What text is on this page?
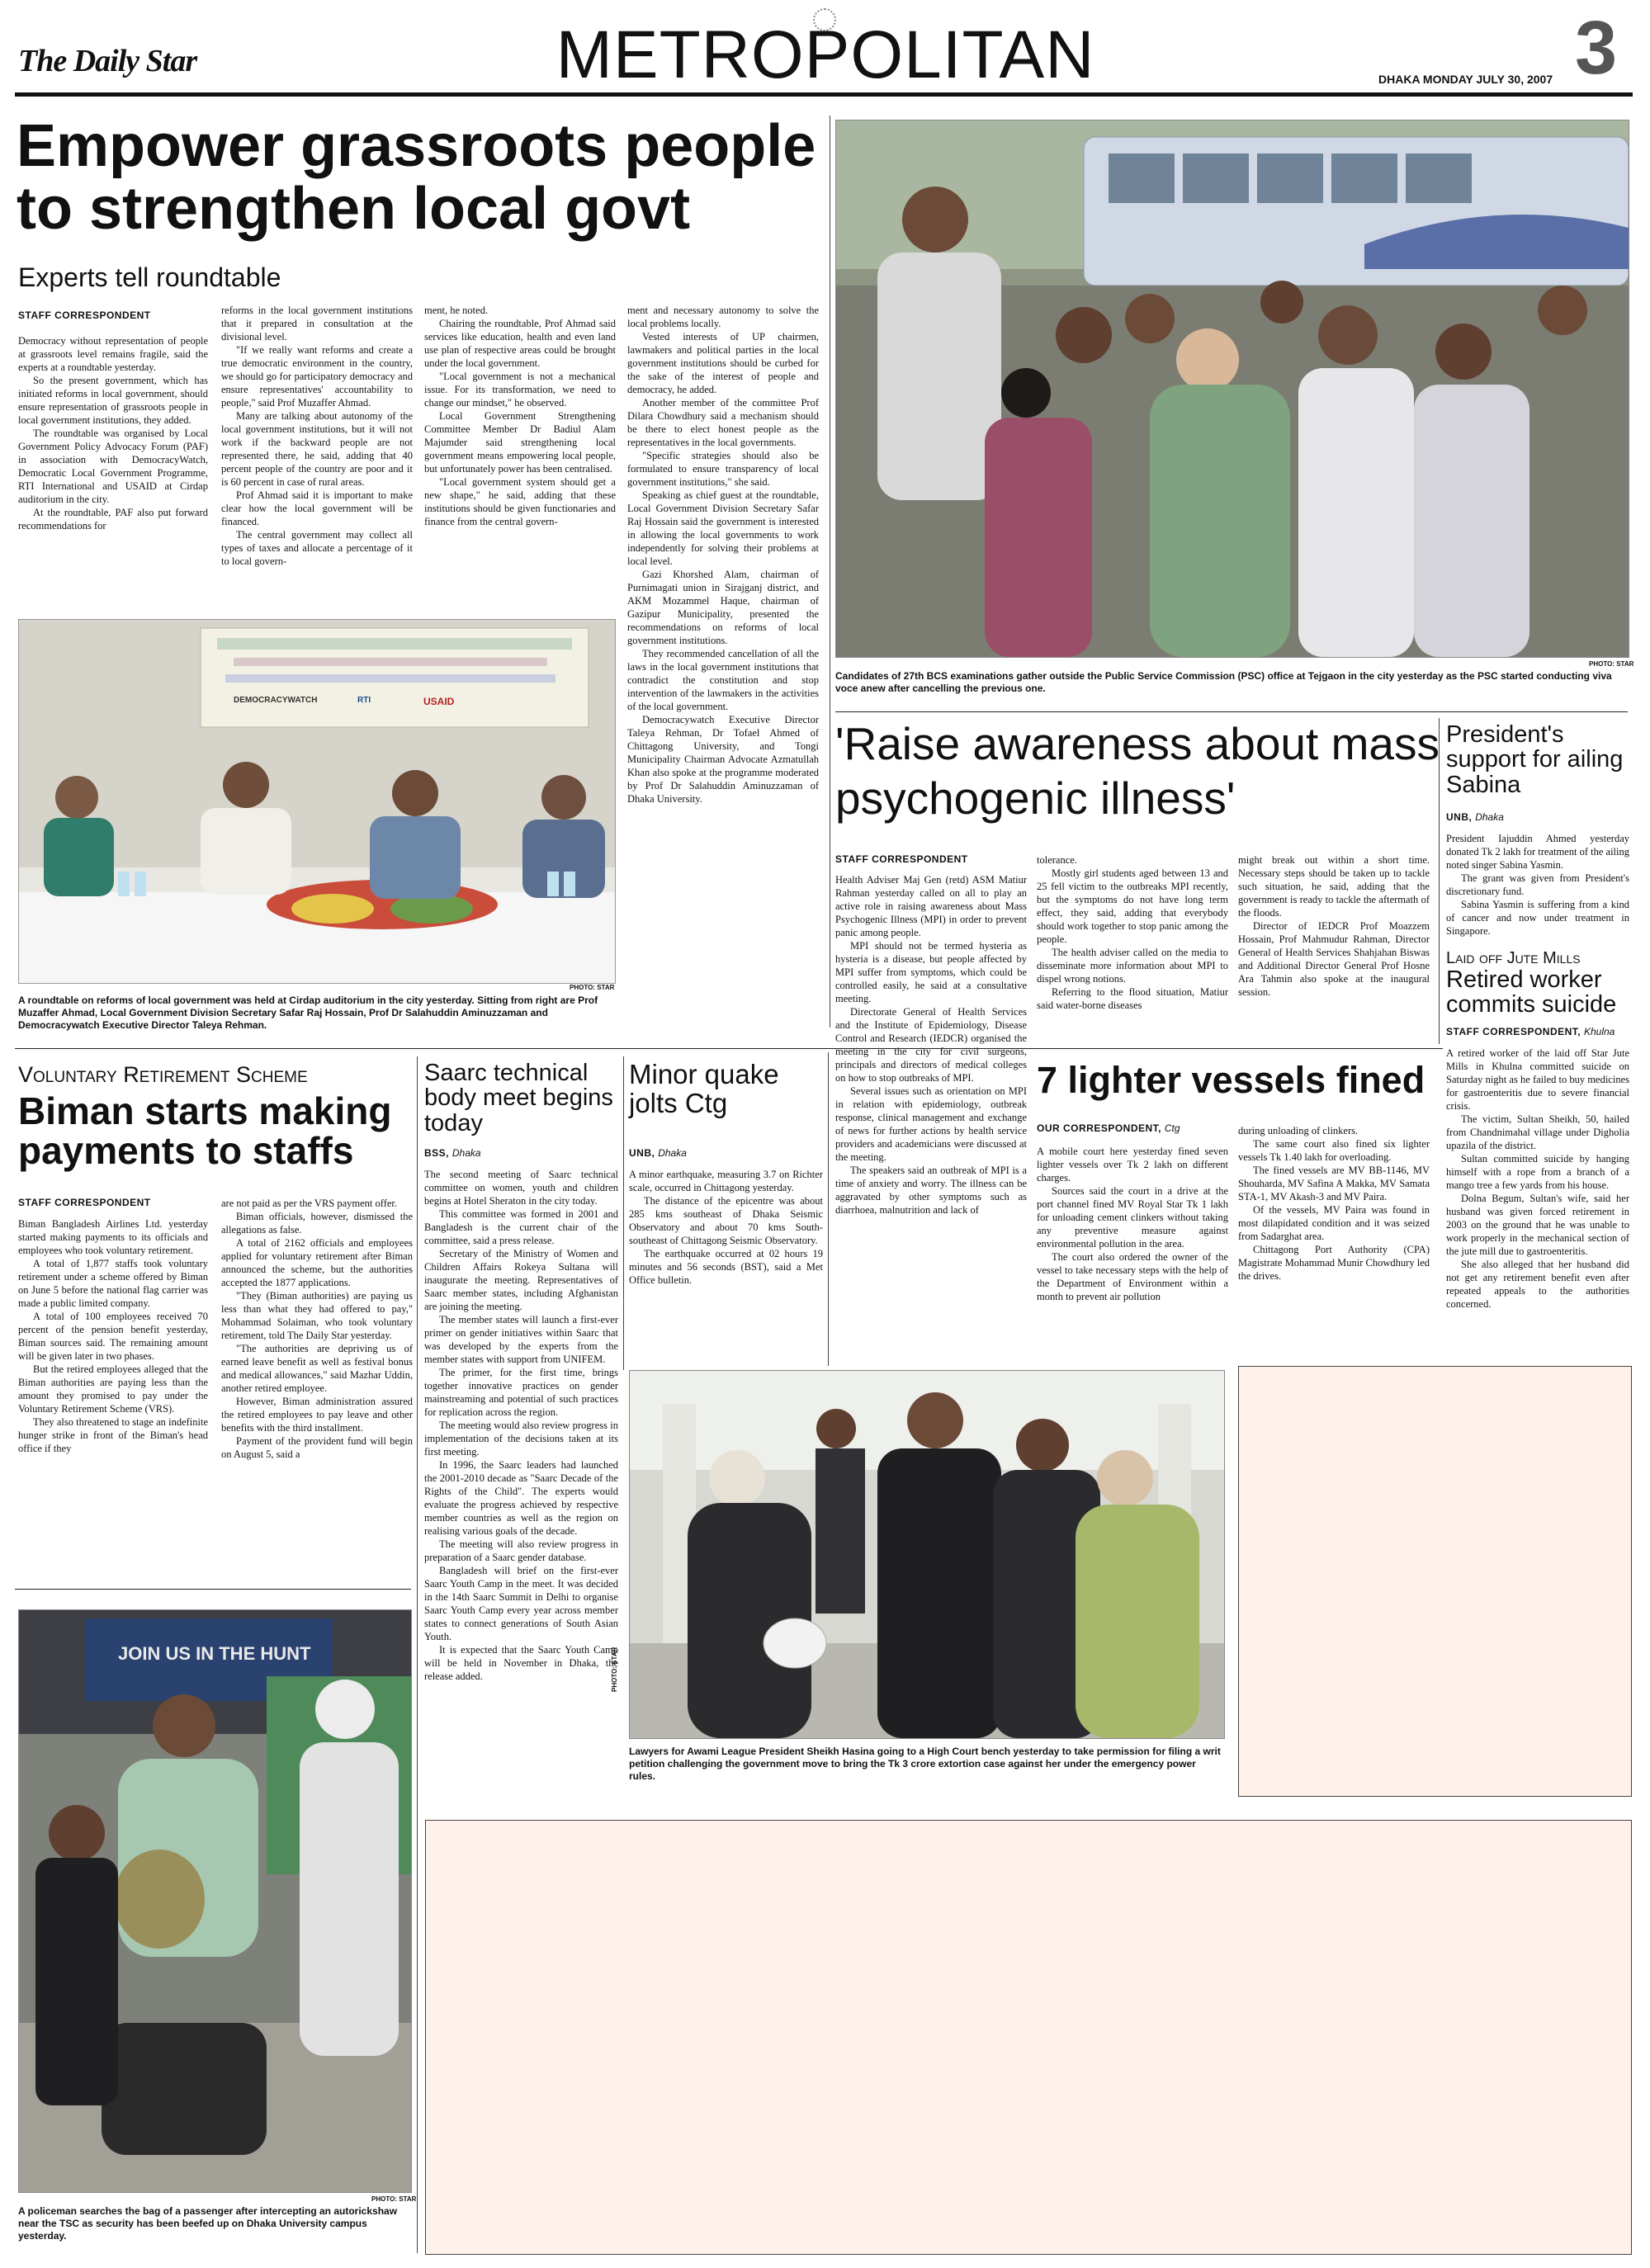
The Daily Star	METROPOLITAN	DHAKA MONDAY JULY 30, 2007 3
Empower grassroots people to strengthen local govt
Experts tell roundtable
STAFF CORRESPONDENT

Democracy without representation of people at grassroots level remains fragile, said the experts at a roundtable yesterday.

So the present government, which has initiated reforms in local government, should ensure representation of grassroots people in local government institutions, they added.

The roundtable was organised by Local Government Policy Advocacy Forum (PAF) in association with DemocracyWatch, Democratic Local Government Programme, RTI International and USAID at Cirdap auditorium in the city.

At the roundtable, PAF also put forward recommendations for

reforms in the local government institutions that it prepared in consultation at the divisional level.

"If we really want reforms and create a true democratic environment in the country, we should go for participatory democracy and ensure representatives' accountability to people," said Prof Muzaffer Ahmad.

Many are talking about autonomy of the local government institutions, but it will not work if the backward people are not represented there, he said, adding that 40 percent people of the country are poor and it is 60 percent in case of rural areas.

Prof Ahmad said it is important to make clear how the local government will be financed.

The central government may collect all types of taxes and allocate a percentage of it to local govern-

ment, he noted.

Chairing the roundtable, Prof Ahmad said services like education, health and even land use plan of respective areas could be brought under the local government.

"Local government is not a mechanical issue. For its transformation, we need to change our mindset," he observed.

Local Government Strengthening Committee Member Dr Badiul Alam Majumder said strengthening local government means empowering local people, but unfortunately power has been centralised.

"Local government system should get a new shape," he said, adding that these institutions should be given functionaries and finance from the central govern-

ment and necessary autonomy to solve the local problems locally.

Vested interests of UP chairmen, lawmakers and political parties in the local government institutions should be curbed for the sake of the interest of people and democracy, he added.

Another member of the committee Prof Dilara Chowdhury said a mechanism should be there to elect honest people as the representatives in the local governments.

"Specific strategies should also be formulated to ensure transparency of local government institutions," she said.

Speaking as chief guest at the roundtable, Local Government Division Secretary Safar Raj Hossain said the government is interested in allowing the local governments to work independently for solving their problems at local level.

Gazi Khorshed Alam, chairman of Purnimagati union in Sirajganj district, and AKM Mozammel Haque, chairman of Gazipur Municipality, presented the recommendations on reforms of local government institutions.

They recommended cancellation of all the laws in the local government institutions that contradict the constitution and stop intervention of the lawmakers in the activities of the local government.

Democracywatch Executive Director Taleya Rehman, Dr Tofael Ahmed of Chittagong University, and Tongi Municipality Chairman Advocate Azmatullah Khan also spoke at the programme moderated by Prof Dr Salahuddin Aminuzzaman of Dhaka University.

DEMOCRACYWATCH	RTI	USAID
PHOTO: STAR
A roundtable on reforms of local government was held at Cirdap auditorium in the city yesterday. Sitting from right are Prof Muzaffer Ahmad, Local Government Division Secretary Safar Raj Hossain, Prof Dr Salahuddin Aminuzzaman and Democracywatch Executive Director Taleya Rehman.
PHOTO: STAR
Candidates of 27th BCS examinations gather outside the Public Service Commission (PSC) office at Tejgaon in the city yesterday as the PSC started conducting viva voce anew after cancelling the previous one.
'Raise awareness about mass psychogenic illness'
STAFF CORRESPONDENT

Health Adviser Maj Gen (retd) ASM Matiur Rahman yesterday called on all to play an active role in raising awareness about Mass Psychogenic Illness (MPI) in order to prevent panic among people.

MPI should not be termed hysteria as hysteria is a disease, but people affected by MPI suffer from symptoms, which could be controlled easily, he said at a consultative meeting.

Directorate General of Health Services and the Institute of Epidemiology, Disease Control and Research (IEDCR) organised the meeting in the city for civil surgeons, principals and directors of medical colleges on how to stop outbreaks of MPI.

Several issues such as orientation on MPI in relation with epidemiology, outbreak response, clinical management and exchange of news for further actions by health service providers and academicians were discussed at the meeting.

The speakers said an outbreak of MPI is a time of anxiety and worry. The illness can be aggravated by other symptoms such as diarrhoea, malnutrition and lack of

tolerance.

Mostly girl students aged between 13 and 25 fell victim to the outbreaks MPI recently, but the symptoms do not have long term effect, they said, adding that everybody should work together to stop panic among the people.

The health adviser called on the media to disseminate more information about MPI to dispel wrong notions.

Referring to the flood situation, Matiur said water-borne diseases

might break out within a short time. Necessary steps should be taken up to tackle such situation, he said, adding that the government is ready to tackle the aftermath of the floods.

Director of IEDCR Prof Moazzem Hossain, Prof Mahmudur Rahman, Director General of Health Services Shahjahan Biswas and Additional Director General Prof Hosne Ara Tahmin also spoke at the inaugural session.

President's support for ailing Sabina
UNB, Dhaka

President Iajuddin Ahmed yesterday donated Tk 2 lakh for treatment of the ailing noted singer Sabina Yasmin.

The grant was given from President's discretionary fund.

Sabina Yasmin is suffering from a kind of cancer and now under treatment in Singapore.

Laid off Jute Mills
Retired worker commits suicide
STAFF CORRESPONDENT, Khulna

A retired worker of the laid off Star Jute Mills in Khulna committed suicide on Saturday night as he failed to buy medicines for gastroenteritis due to severe financial crisis.

The victim, Sultan Sheikh, 50, hailed from Chandnimahal village under Digholia upazila of the district.

Sultan committed suicide by hanging himself with a rope from a branch of a mango tree a few yards from his house.

Dolna Begum, Sultan's wife, said her husband was given forced retirement in 2003 on the ground that he was unable to work properly in the mechanical section of the jute mill due to gastroenteritis.

She also alleged that her husband did not get any retirement benefit even after repeated appeals to the authorities concerned.

Voluntary Retirement Scheme
Biman starts making payments to staffs
STAFF CORRESPONDENT

Biman Bangladesh Airlines Ltd. yesterday started making payments to its officials and employees who took voluntary retirement.

A total of 1,877 staffs took voluntary retirement under a scheme offered by Biman on June 5 before the national flag carrier was made a public limited company.

A total of 100 employees received 70 percent of the pension benefit yesterday, Biman sources said. The remaining amount will be given later in two phases.

But the retired employees alleged that the Biman authorities are paying less than the amount they promised to pay under the Voluntary Retirement Scheme (VRS).

They also threatened to stage an indefinite hunger strike in front of the Biman's head office if they

are not paid as per the VRS payment offer.

Biman officials, however, dismissed the allegations as false.

A total of 2162 officials and employees applied for voluntary retirement after Biman announced the scheme, but the authorities accepted the 1877 applications.

"They (Biman authorities) are paying us less than what they had offered to pay," Mohammad Solaiman, who took voluntary retirement, told The Daily Star yesterday.

"The authorities are depriving us of earned leave benefit as well as festival bonus and medical allowances," said Mazhar Uddin, another retired employee.

However, Biman administration assured the retired employees to pay leave and other benefits with the third installment.

Payment of the provident fund will begin on August 5, said a

Saarc technical body meet begins today
BSS, Dhaka

The second meeting of Saarc technical committee on women, youth and children begins at Hotel Sheraton in the city today.

This committee was formed in 2001 and Bangladesh is the current chair of the committee, said a press release.

Secretary of the Ministry of Women and Children Affairs Rokeya Sultana will inaugurate the meeting. Representatives of Saarc member states, including Afghanistan are joining the meeting.

The member states will launch a first-ever primer on gender initiatives within Saarc that was developed by the experts from the member states with support from UNIFEM.

The primer, for the first time, brings together innovative practices on gender mainstreaming and potential of such practices for replication across the region.

The meeting would also review progress in implementation of the decisions taken at its first meeting.

In 1996, the Saarc leaders had launched the 2001-2010 decade as "Saarc Decade of the Rights of the Child". The experts would evaluate the progress achieved by respective member countries as well as the region on realising various goals of the decade.

The meeting will also review progress in preparation of a Saarc gender database.

Bangladesh will brief on the first-ever Saarc Youth Camp in the meet. It was decided in the 14th Saarc Summit in Delhi to organise Saarc Youth Camp every year across member states to connect generations of South Asian Youth.

It is expected that the Saarc Youth Camp will be held in November in Dhaka, the release added.

Minor quake jolts Ctg
UNB, Dhaka

A minor earthquake, measuring 3.7 on Richter scale, occurred in Chittagong yesterday.

The distance of the epicentre was about 285 kms southeast of Dhaka Seismic Observatory and about 70 kms South-southeast of Chittagong Seismic Observatory.

The earthquake occurred at 02 hours 19 minutes and 56 seconds (BST), said a Met Office bulletin.

7 lighter vessels fined
OUR CORRESPONDENT, Ctg

A mobile court here yesterday fined seven lighter vessels over Tk 2 lakh on different charges.

Sources said the court in a drive at the port channel fined MV Royal Star Tk 1 lakh for unloading cement clinkers without taking any preventive measure against environmental pollution in the area.

The court also ordered the owner of the vessel to take necessary steps with the help of the Department of Environment within a month to prevent air pollution

during unloading of clinkers.

The same court also fined six lighter vessels Tk 1.40 lakh for overloading.

The fined vessels are MV BB-1146, MV Shouharda, MV Safina A Makka, MV Samata STA-1, MV Akash-3 and MV Paira.

Of the vessels, MV Paira was found in most dilapidated condition and it was seized from Sadarghat area.

Chittagong Port Authority (CPA) Magistrate Mohammad Munir Chowdhury led the drives.

PHOTO: STAR
Lawyers for Awami League President Sheikh Hasina going to a High Court bench yesterday to take permission for filing a writ petition challenging the government move to bring the Tk 3 crore extortion case against her under the emergency power rules.
JOIN US IN THE HUNT
PHOTO: STAR
A policeman searches the bag of a passenger after intercepting an autorickshaw near the TSC as security has been beefed up on Dhaka University campus yesterday.
